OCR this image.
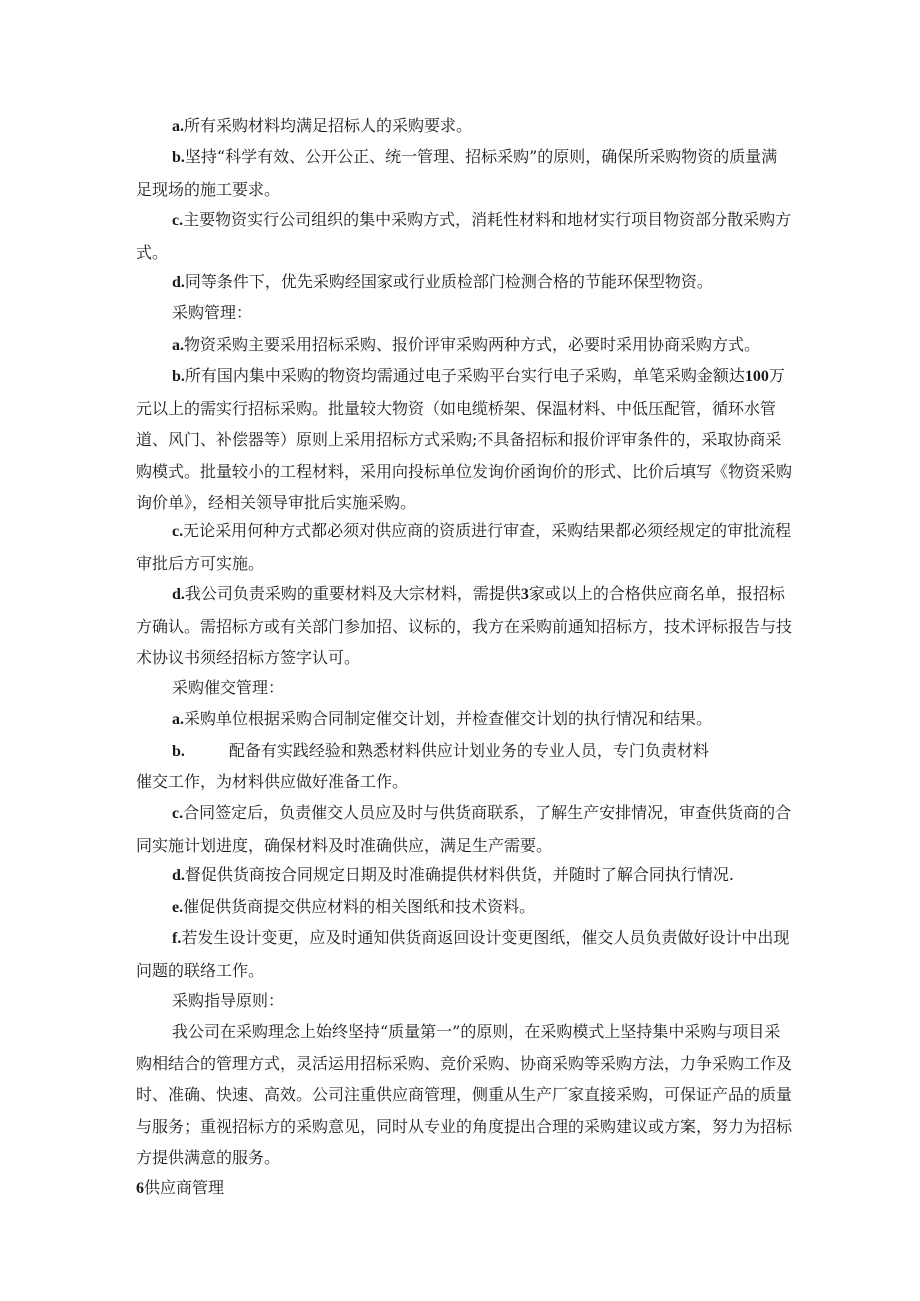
a.所有采购材料均满足招标人的采购要求。

b.坚持“科学有效、公开公正、统一管理、招标采购”的原则，确保所采购物资的质量满足现场的施工要求。

c.主要物资实行公司组织的集中采购方式，消耗性材料和地材实行项目物资部分散采购方式。

d.同等条件下，优先采购经国家或行业质检部门检测合格的节能环保型物资。

采购管理：

a.物资采购主要采用招标采购、报价评审采购两种方式，必要时采用协商采购方式。

b.所有国内集中采购的物资均需通过电子采购平台实行电子采购，单笔采购金额达100万元以上的需实行招标采购。批量较大物资（如电缆桥架、保温材料、中低压配管，循环水管道、风门、补偿器等）原则上采用招标方式采购;不具备招标和报价评审条件的，采取协商采购模式。批量较小的工程材料，采用向投标单位发询价函询价的形式、比价后填写《物资采购询价单》，经相关领导审批后实施采购。

c.无论采用何种方式都必须对供应商的资质进行审查，采购结果都必须经规定的审批流程审批后方可实施。

d.我公司负责采购的重要材料及大宗材料，需提供3家或以上的合格供应商名单，报招标方确认。需招标方或有关部门参加招、议标的，我方在采购前通知招标方，技术评标报告与技术协议书须经招标方签字认可。

采购催交管理：

a.采购单位根据采购合同制定催交计划，并检查催交计划的执行情况和结果。

b.	配备有实践经验和熟悉材料供应计划业务的专业人员，专门负责材料

催交工作，为材料供应做好准备工作。

c.合同签定后，负责催交人员应及时与供货商联系，了解生产安排情况，审查供货商的合同实施计划进度，确保材料及时准确供应，满足生产需要。

d.督促供货商按合同规定日期及时准确提供材料供货，并随时了解合同执行情况.

e.催促供货商提交供应材料的相关图纸和技术资料。

f.若发生设计变更，应及时通知供货商返回设计变更图纸，催交人员负责做好设计中出现问题的联络工作。

采购指导原则：

我公司在采购理念上始终坚持“质量第一”的原则，在采购模式上坚持集中采购与项目采购相结合的管理方式，灵活运用招标采购、竞价采购、协商采购等采购方法，力争采购工作及时、准确、快速、高效。公司注重供应商管理，侧重从生产厂家直接采购，可保证产品的质量与服务；重视招标方的采购意见，同时从专业的角度提出合理的采购建议或方案，努力为招标方提供满意的服务。

6供应商管理
